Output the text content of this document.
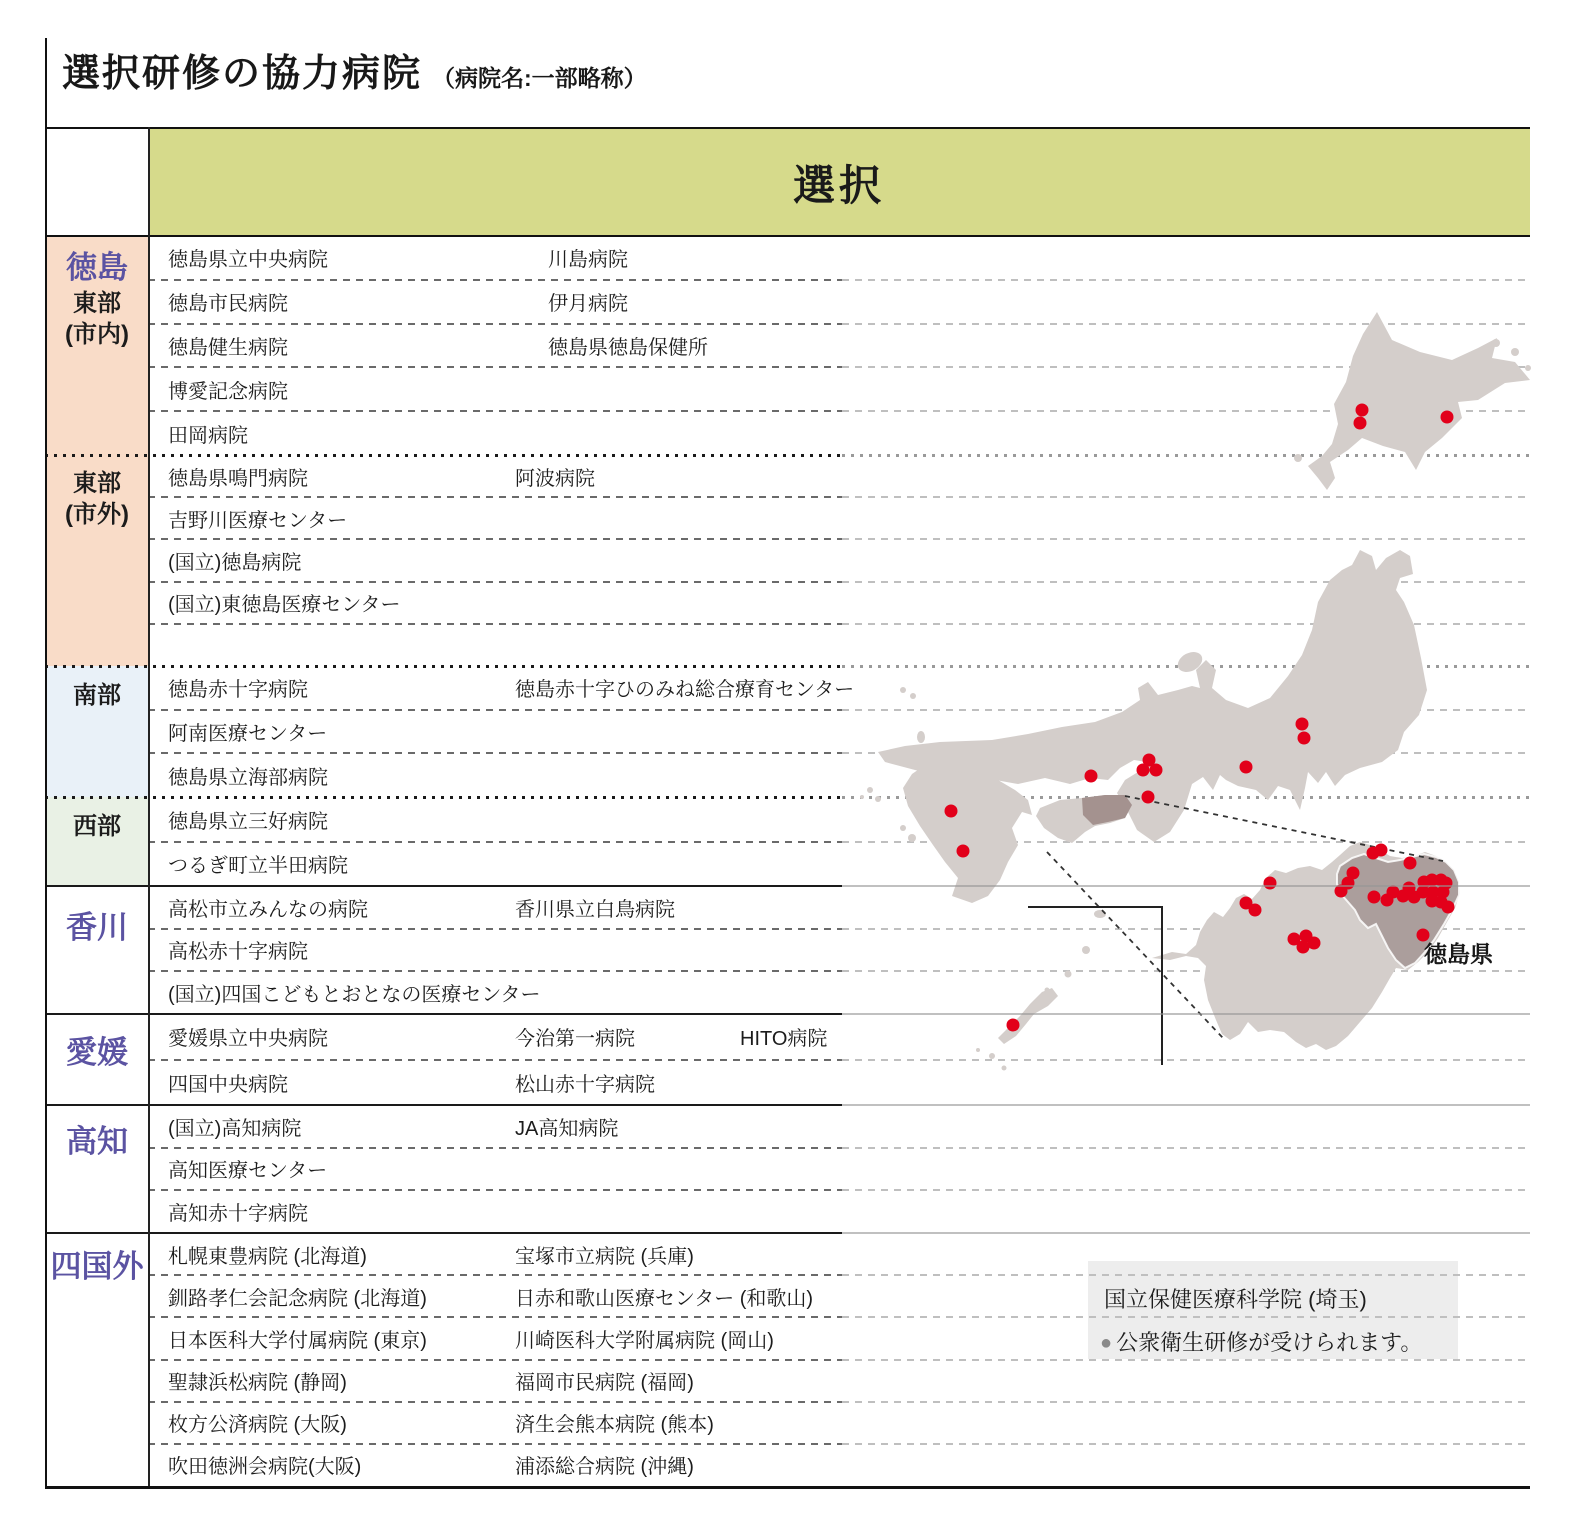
選択研修の協力病院 （病院名:一部略称）
選択
徳島
東部
(市内)
徳島県立中央病院	川島病院
徳島市民病院	伊月病院
徳島健生病院	徳島県徳島保健所
博愛記念病院
田岡病院
東部
(市外)
徳島県鳴門病院	阿波病院
吉野川医療センター
(国立)徳島病院
(国立)東徳島医療センター
南部	徳島赤十字病院	徳島赤十字ひのみね総合療育センター
阿南医療センター
徳島県立海部病院
西部	徳島県立三好病院
つるぎ町立半田病院
香川
高松市立みんなの病院	香川県立白鳥病院
高松赤十字病院
(国立)四国こどもとおとなの医療センター
愛媛	愛媛県立中央病院	今治第一病院	HITO病院
四国中央病院	松山赤十字病院
高知	(国立)高知病院	JA高知病院
高知医療センター
高知赤十字病院
四国外 札幌東豊病院 (北海道)	宝塚市立病院 (兵庫)
釧路孝仁会記念病院 (北海道)	日赤和歌山医療センター (和歌山)
日本医科大学付属病院 (東京)	川崎医科大学附属病院 (岡山)
聖隷浜松病院 (静岡)	福岡市民病院 (福岡)
枚方公済病院 (大阪)	済生会熊本病院 (熊本)
吹田徳洲会病院(大阪)	浦添総合病院 (沖縄)
徳島県
国立保健医療科学院 (埼玉)
● 公衆衛生研修が受けられます。
